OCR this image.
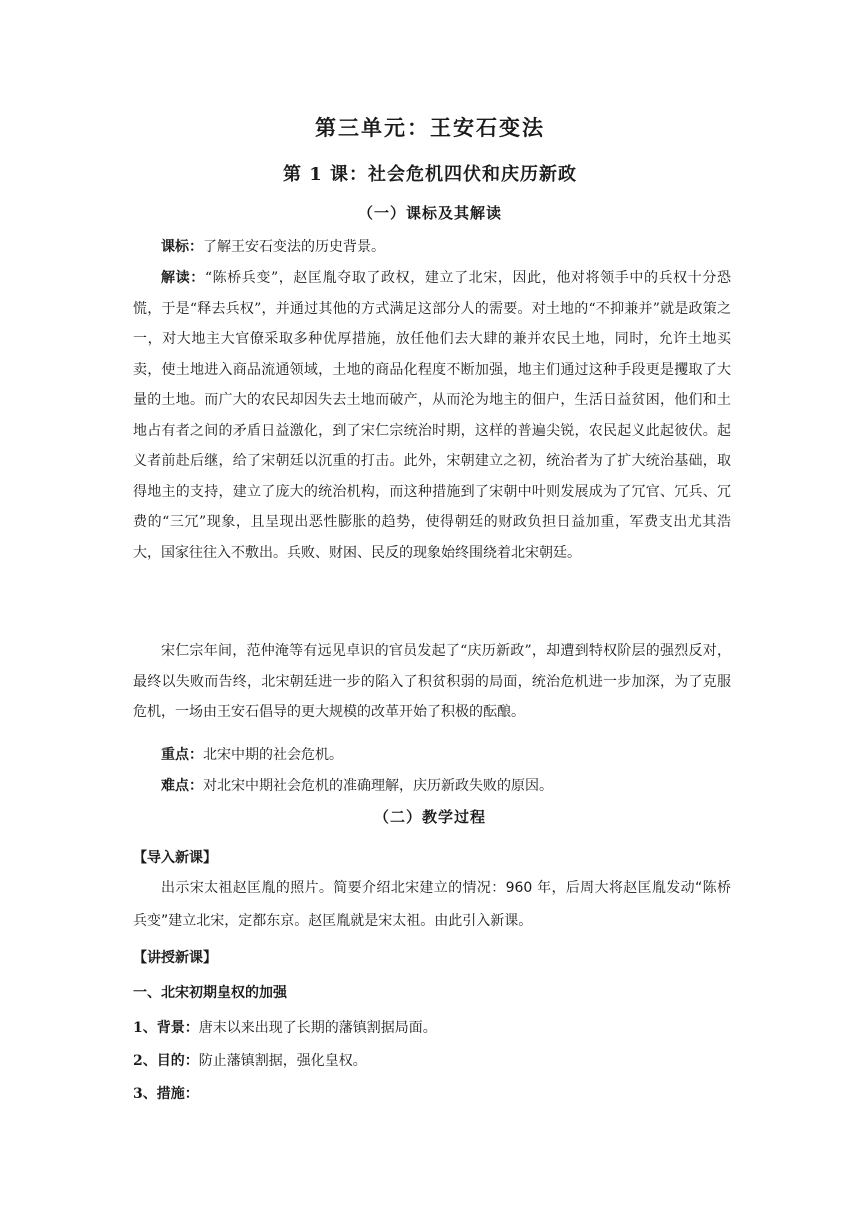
第三单元：王安石变法
第 1 课：社会危机四伏和庆历新政
（一）课标及其解读
课标：了解王安石变法的历史背景。
解读：“陈桥兵变”，赵匡胤夺取了政权，建立了北宋，因此，他对将领手中的兵权十分恐慌，于是“释去兵权”，并通过其他的方式满足这部分人的需要。对土地的“不抑兼并”就是政策之一，对大地主大官僚采取多种优厚措施，放任他们去大肆的兼并农民土地，同时，允许土地买卖，使土地进入商品流通领域，土地的商品化程度不断加强，地主们通过这种手段更是攫取了大量的土地。而广大的农民却因失去土地而破产，从而沦为地主的佃户，生活日益贫困，他们和土地占有者之间的矛盾日益激化，到了宋仁宗统治时期，这样的普遍尖锐，农民起义此起彼伏。起义者前赴后继，给了宋朝廷以沉重的打击。此外，宋朝建立之初，统治者为了扩大统治基础，取得地主的支持，建立了庞大的统治机构，而这种措施到了宋朝中叶则发展成为了冗官、冗兵、冗费的“三冗”现象，且呈现出恶性膨胀的趋势，使得朝廷的财政负担日益加重，军费支出尤其浩大，国家往往入不敷出。兵败、财困、民反的现象始终围绕着北宋朝廷。
宋仁宗年间，范仲淹等有远见卓识的官员发起了“庆历新政”，却遭到特权阶层的强烈反对，最终以失败而告终，北宋朝廷进一步的陷入了积贫积弱的局面，统治危机进一步加深，为了克服危机，一场由王安石倡导的更大规模的改革开始了积极的酝酿。
重点：北宋中期的社会危机。
难点：对北宋中期社会危机的准确理解，庆历新政失败的原因。
（二）教学过程
【导入新课】
出示宋太祖赵匡胤的照片。简要介绍北宋建立的情况：960 年，后周大将赵匡胤发动“陈桥兵变”建立北宋，定都东京。赵匡胤就是宋太祖。由此引入新课。
【讲授新课】
一、北宋初期皇权的加强
1、背景：唐末以来出现了长期的藩镇割据局面。
2、目的：防止藩镇割据，强化皇权。
3、措施：
